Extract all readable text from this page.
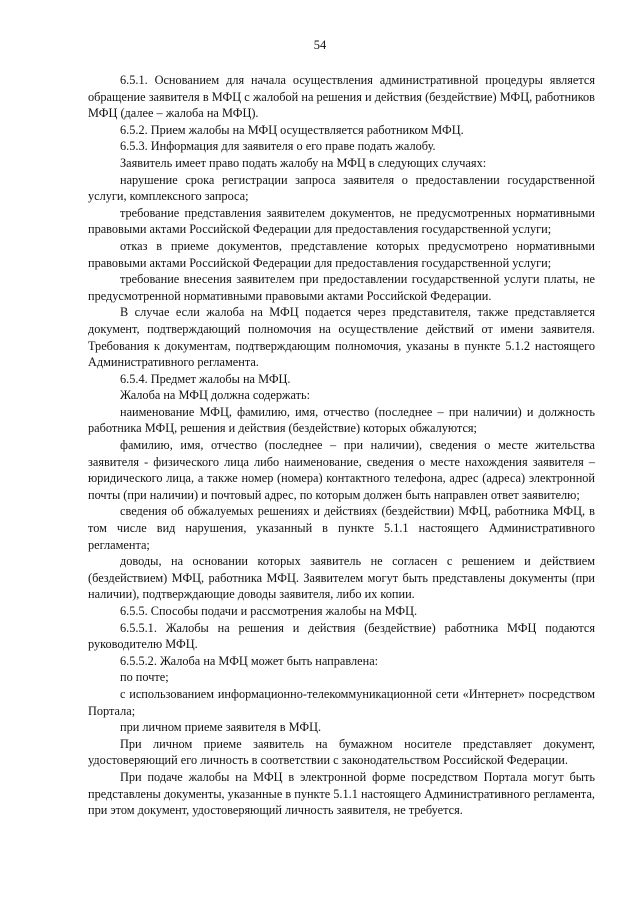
54

6.5.1. Основанием для начала осуществления административной процедуры является обращение заявителя в МФЦ с жалобой на решения и действия (бездействие) МФЦ, работников МФЦ (далее – жалоба на МФЦ).

6.5.2. Прием жалобы на МФЦ осуществляется работником МФЦ.

6.5.3. Информация для заявителя о его праве подать жалобу.

Заявитель имеет право подать жалобу на МФЦ в следующих случаях:

нарушение срока регистрации запроса заявителя о предоставлении государственной услуги, комплексного запроса;

требование представления заявителем документов, не предусмотренных нормативными правовыми актами Российской Федерации для предоставления государственной услуги;

отказ в приеме документов, представление которых предусмотрено нормативными правовыми актами Российской Федерации для предоставления государственной услуги;

требование внесения заявителем при предоставлении государственной услуги платы, не предусмотренной нормативными правовыми актами Российской Федерации.

В случае если жалоба на МФЦ подается через представителя, также представляется документ, подтверждающий полномочия на осуществление действий от имени заявителя. Требования к документам, подтверждающим полномочия, указаны в пункте 5.1.2 настоящего Административного регламента.

6.5.4. Предмет жалобы на МФЦ.

Жалоба на МФЦ должна содержать:

наименование МФЦ, фамилию, имя, отчество (последнее – при наличии) и должность работника МФЦ, решения и действия (бездействие) которых обжалуются;

фамилию, имя, отчество (последнее – при наличии), сведения о месте жительства заявителя - физического лица либо наименование, сведения о месте нахождения заявителя – юридического лица, а также номер (номера) контактного телефона, адрес (адреса) электронной почты (при наличии) и почтовый адрес, по которым должен быть направлен ответ заявителю;

сведения об обжалуемых решениях и действиях (бездействии) МФЦ, работника МФЦ, в том числе вид нарушения, указанный в пункте 5.1.1 настоящего Административного регламента;

доводы, на основании которых заявитель не согласен с решением и действием (бездействием) МФЦ, работника МФЦ. Заявителем могут быть представлены документы (при наличии), подтверждающие доводы заявителя, либо их копии.

6.5.5. Способы подачи и рассмотрения жалобы на МФЦ.

6.5.5.1. Жалобы на решения и действия (бездействие) работника МФЦ подаются руководителю МФЦ.

6.5.5.2. Жалоба на МФЦ может быть направлена:

по почте;

с использованием информационно-телекоммуникационной сети «Интернет» посредством Портала;

при личном приеме заявителя в МФЦ.

При личном приеме заявитель на бумажном носителе представляет документ, удостоверяющий его личность в соответствии с законодательством Российской Федерации.

При подаче жалобы на МФЦ в электронной форме посредством Портала могут быть представлены документы, указанные в пункте 5.1.1 настоящего Административного регламента, при этом документ, удостоверяющий личность заявителя, не требуется.
